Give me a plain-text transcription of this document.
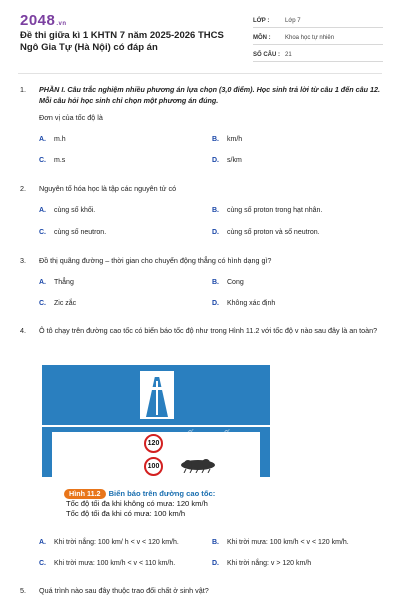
2048.vn
Đề thi giữa kì 1 KHTN 7 năm 2025-2026 THCS Ngô Gia Tự (Hà Nội) có đáp án
LỚP :	Lớp 7
MÔN :	Khoa học tự nhiên
SỐ CÂU : 21
1.	PHẦN I. Câu trắc nghiệm nhiều phương án lựa chọn (3,0 điểm). Học sinh trả lời từ câu 1 đến câu 12. Mỗi câu hỏi học sinh chỉ chọn một phương án đúng.
Đơn vị của tốc độ là
A. m.h	B. km/h
C. m.s	D. s/km
2.	Nguyên tố hóa học là tập các nguyên tử có
A. cùng số khối.	B. cùng số proton trong hạt nhân.
C. cùng số neutron.	D. cùng số proton và số neutron.
3.	Đồ thị quãng đường – thời gian cho chuyển động thẳng có hình dạng gì?
A. Thẳng	B. Cong
C. Zic zắc	D. Không xác định
4.	Ô tô chạy trên đường cao tốc có biển báo tốc độ như trong Hình 11.2 với tốc độ v nào sau đây là an toàn?
120
100
KẾT NỐI
VỚI CUỘ
Hình 11.2 Biển báo trên đường cao tốc:
Tốc độ tối đa khi không có mưa: 120 km/h
Tốc độ tối đa khi có mưa: 100 km/h
A. Khi trời nắng: 100 km/ h < v < 120 km/h.	B. Khi trời mưa: 100 km/h < v < 120 km/h.
C. Khi trời mưa: 100 km/h < v < 110 km/h.	D. Khi trời nắng: v > 120 km/h
5.	Quá trình nào sau đây thuộc trao đổi chất ở sinh vật?
